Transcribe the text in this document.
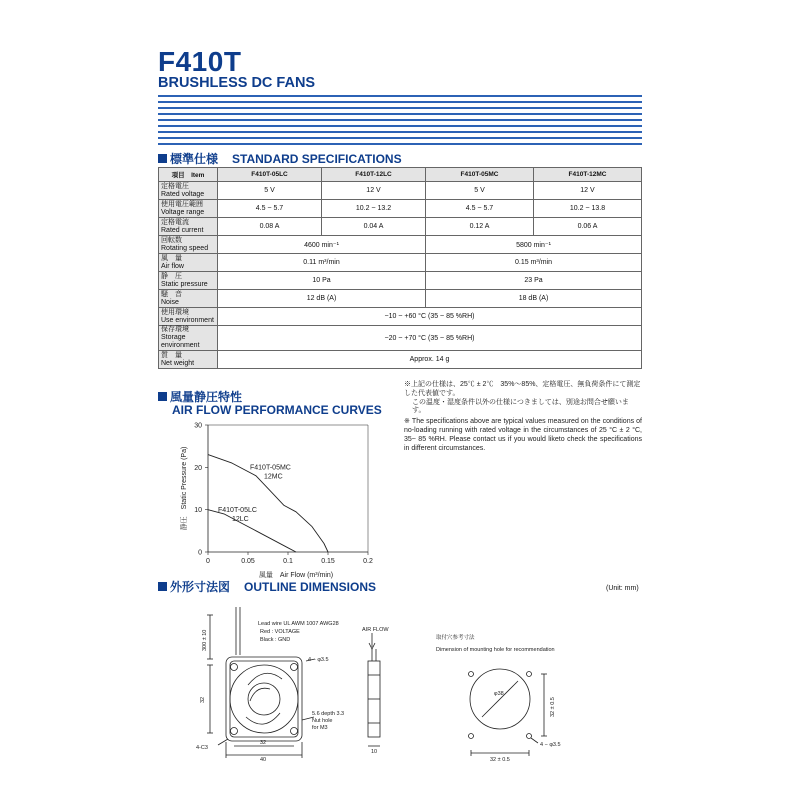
F410T
BRUSHLESS DC FANS
標準仕様 STANDARD SPECIFICATIONS
項目　Item	F410T-05LC	F410T-12LC	F410T-05MC	F410T-12MC

定格電圧
Rated voltage	5 V	12 V	5 V	12 V

使用電圧範囲
Voltage range	4.5 ~ 5.7	10.2 ~ 13.2	4.5 ~ 5.7	10.2 ~ 13.8

定格電流
Rated current	0.08 A	0.04 A	0.12 A	0.06 A

回転数
Rotating speed	4600 min⁻¹		5800 min⁻¹	

風　量
Air flow	0.11 m³/min		0.15 m³/min	

静　圧
Static pressure	10 Pa		23 Pa	

騒　音
Noise	12 dB (A)		18 dB (A)	

使用環境
Use environment	−10 ~ +60 °C (35 ~ 85 %RH)			

保存環境
Storage environment	−20 ~ +70 °C (35 ~ 85 %RH)			

質　量
Net weight	Approx. 14 g			
風量静圧特性
AIR FLOW PERFORMANCE CURVES
※上記の仕様は、25℃ ± 2℃　35%～85%、定格電圧、無負荷条件にて測定した代表値です。
この温度・湿度条件以外の仕様につきましては、別途お問合せ願います。
※ The specifications above are typical values measured on the conditions of no-loading running with rated voltage in the circumstances of 25 °C ± 2 °C, 35~ 85 %RH. Please contact us if you would liketo check the specifications in different circumstances.
0	0.05	0.1	0.15	0.2
0
10
20
30
風量　Air Flow (m³/min)
静圧　Static Pressure (Pa)	F410T-05MC
12MC
F410T-05LC
12LC
外形寸法図 OUTLINE DIMENSIONS	(Unit: mm)
Lead wire UL AWM 1007 AWG28
Red : VOLTAGE
Black : GND
300 ± 10
4 − φ3.5
32
5.6 depth 3.3
Nut hole
for M3
4-C3
32
40
AIR FLOW
10
取付穴参考寸法
Dimension of mounting hole for recommendation
φ38
32 ± 0.5
32 ± 0.5
4 − φ3.5
